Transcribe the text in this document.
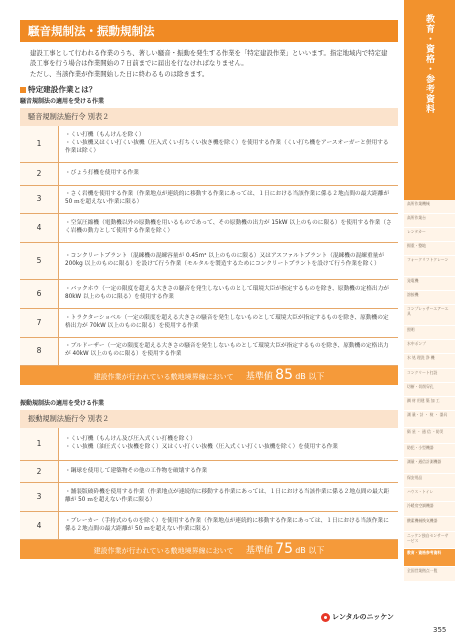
騒音規制法・振動規制法

建設工事として行われる作業のうち、著しい騒音・振動を発生する作業を「特定建設作業」といいます。指定地域内で特定建設工事を行う場合は作業開始の７日前までに届出を行なければなりません。

ただし、当該作業が作業開始した日に終わるものは除きます。

特定建設作業とは？
騒音規制法の適用を受ける作業
騒音規制法施行令 別表２
1	・くい打機（もんけんを除く）
・くい抜機又はくい打くい抜機（圧入式くい打ちくい抜き機を除く）を使用する作業（くい打ち機をアースオーガーと併用する作業は除く）

2	・びょう打機を使用する作業

3	・さく岩機を使用する作業（作業地点が連続的に移動する作業にあっては、１日における当該作業に係る２地点間の最大距離が 50 ｍを超えない作業に限る）

4	・空気圧縮機（電動機以外の原動機を用いるものであって、その原動機の出力が 15kW 以上のものに限る）を使用する作業（さく岩機の動力として使用する作業を除く）

5	・コンクリートプラント（混練機の混練容量が 0.45m³ 以上のものに限る）又はアスファルトプラント（混練機の混練重量が 200kg 以上のものに限る）を設けて行う作業（モルタルを製造するためにコンクリートプラントを設けて行う作業を除く）

6	・バックホウ（一定の限度を超える大きさの騒音を発生しないものとして環境大臣が指定するものを除き、原動機の定格出力が 80kW 以上のものに限る）を使用する作業

7	・トラクターショベル（一定の限度を超える大きさの騒音を発生しないものとして環境大臣が指定するものを除き、原動機の定格出力が 70kW 以上のものに限る）を使用する作業

8	・ブルドーザー（一定の限度を超える大きさの騒音を発生しないものとして環境大臣が指定するものを除き、原動機の定格出力が 40kW 以上のものに限る）を使用する作業
建設作業が行われている敷地境界線において 基準値 85 dB 以下
振動規制法の適用を受ける作業
振動規制法施行令 別表２
1	・くい打機（もんけん及び圧入式くい打機を除く）
・くい抜機（油圧式くい抜機を除く）又はくい打くい抜機（圧入式くい打くい抜機を除く）を使用する作業

2	・鋼球を使用して建築物その他の工作物を破壊する作業

3	・舗装版破砕機を使用する作業（作業地点が連続的に移動する作業にあっては、１日における当該作業に係る２地点間の最大距離が 50 ｍを超えない作業に限る）

4	・ブレーカー（手持式のものを除く）を使用する作業（作業地点が連続的に移動する作業にあっては、１日における当該作業に係る２地点間の最大距離が 50 ｍを超えない作業に限る）
建設作業が行われている敷地境界線において 基準値 75 dB 以下
教育・資格・参考資料
高所作業機械
高所作業台
レンタカー
揚重・整地
フォークリフトクレーン
発電機
溶接機
コンプレッサーエアーエ具
照明
水中ポンプ
水 処 理洗 浄 機
コンクリート打設
切断・切削穿孔
鋼 材 用建 築 加 工
測 量・計 ・ 検 ・ 器具
衛 星 ・ 通 信 ・防災
防犯・小型機器
測量・通信計測機器
保安用品
ハウス・トイレ
冷暖房空調機器
酸素機械換気機器
ニッケン独自センサーサービス
教育・資格参考資料
全国営業拠点一覧
レンタルのニッケン
355
